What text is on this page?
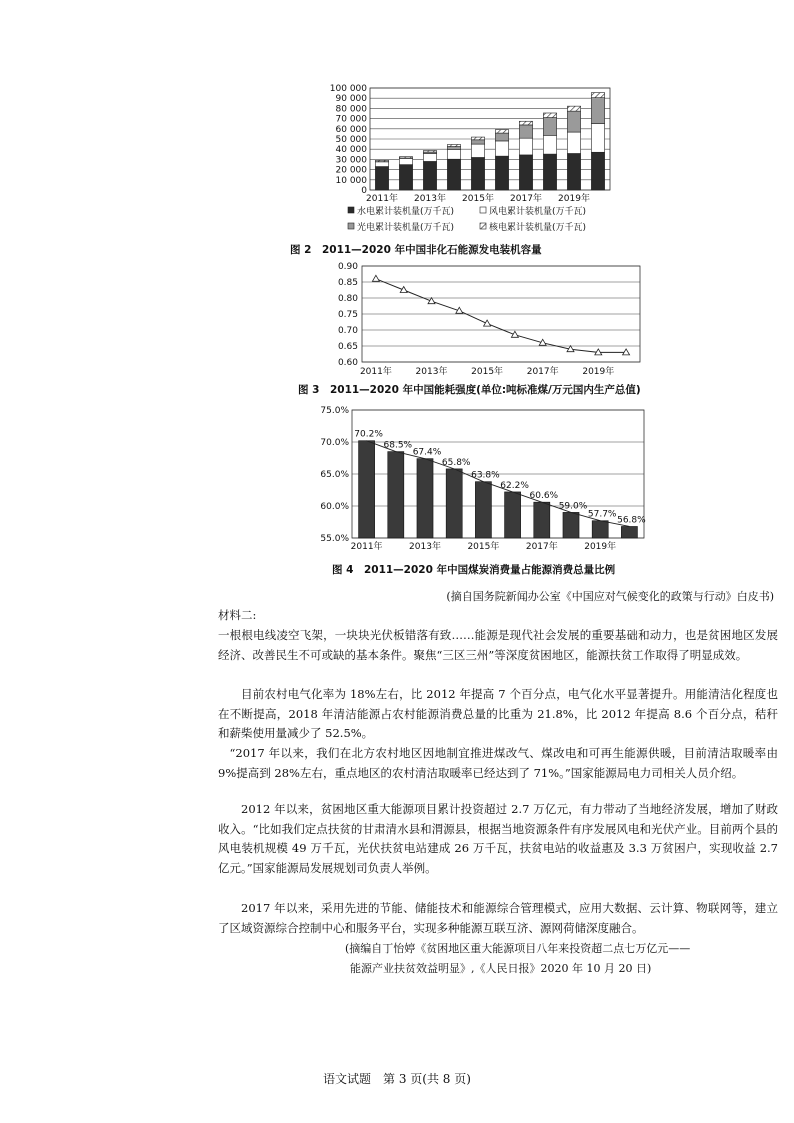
0
10 000
20 000
30 000
40 000
50 000
60 000
70 000
80 000
90 000
100 000
2011年 2013年 2015年 2017年 2019年
水电累计装机量(万千瓦)	风电累计装机量(万千瓦)
光电累计装机量(万千瓦)	核电累计装机量(万千瓦)
图 2　2011—2020 年中国非化石能源发电装机容量
0.60
0.65
0.70
0.75
0.80
0.85
0.90
2011年	2013年	2015年	2017年	2019年
图 3　2011—2020 年中国能耗强度(单位:吨标准煤/万元国内生产总值)
55.0%
60.0%
65.0%
70.0%
75.0%
70.2%
68.5%
67.4%
65.8%
63.8%
62.2%
60.6%
59.0%
57.7%
56.8%
2011年	2013年	2015年	2017年	2019年
图 4　2011—2020 年中国煤炭消费量占能源消费总量比例
(摘自国务院新闻办公室《中国应对气候变化的政策与行动》白皮书)
材料二:
一根根电线凌空飞架，一块块光伏板错落有致……能源是现代社会发展的重要基础和动力，也是贫困地区发展经济、改善民生不可或缺的基本条件。聚焦“三区三州”等深度贫困地区，能源扶贫工作取得了明显成效。
目前农村电气化率为 18%左右，比 2012 年提高 7 个百分点，电气化水平显著提升。用能清洁化程度也在不断提高，2018 年清洁能源占农村能源消费总量的比重为 21.8%，比 2012 年提高 8.6 个百分点，秸秆和薪柴使用量减少了 52.5%。
“2017 年以来，我们在北方农村地区因地制宜推进煤改气、煤改电和可再生能源供暖，目前清洁取暖率由 9%提高到 28%左右，重点地区的农村清洁取暖率已经达到了 71%。”国家能源局电力司相关人员介绍。
2012 年以来，贫困地区重大能源项目累计投资超过 2.7 万亿元，有力带动了当地经济发展，增加了财政收入。“比如我们定点扶贫的甘肃清水县和渭源县，根据当地资源条件有序发展风电和光伏产业。目前两个县的风电装机规模 49 万千瓦，光伏扶贫电站建成 26 万千瓦，扶贫电站的收益惠及 3.3 万贫困户，实现收益 2.7 亿元。”国家能源局发展规划司负责人举例。
2017 年以来，采用先进的节能、储能技术和能源综合管理模式，应用大数据、云计算、物联网等，建立了区域资源综合控制中心和服务平台，实现多种能源互联互济、源网荷储深度融合。
(摘编自丁怡婷《贫困地区重大能源项目八年来投资超二点七万亿元——
能源产业扶贫效益明显》,《人民日报》2020 年 10 月 20 日)
语文试题　第 3 页(共 8 页)
